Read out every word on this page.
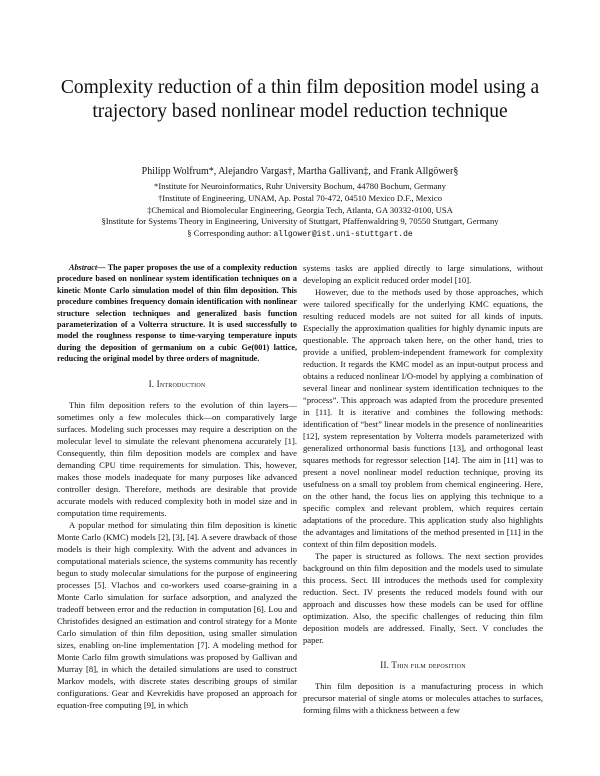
Complexity reduction of a thin film deposition model using a trajectory based nonlinear model reduction technique
Philipp Wolfrum*, Alejandro Vargas†, Martha Gallivan‡, and Frank Allgöwer§
*Institute for Neuroinformatics, Ruhr University Bochum, 44780 Bochum, Germany
†Institute of Engineering, UNAM, Ap. Postal 70-472, 04510 Mexico D.F., Mexico
‡Chemical and Biomolecular Engineering, Georgia Tech, Atlanta, GA 30332-0100, USA
§Institute for Systems Theory in Engineering, University of Stuttgart, Pfaffenwaldring 9, 70550 Stuttgart, Germany
§ Corresponding author: allgower@ist.uni-stuttgart.de

Abstract— The paper proposes the use of a complexity reduction procedure based on nonlinear system identification techniques on a kinetic Monte Carlo simulation model of thin film deposition. This procedure combines frequency domain identification with nonlinear structure selection techniques and generalized basis function parameterization of a Volterra structure. It is used successfully to model the roughness response to time-varying temperature inputs during the deposition of germanium on a cubic Ge(001) lattice, reducing the original model by three orders of magnitude.

I. Introduction

Thin film deposition refers to the evolution of thin layers—sometimes only a few molecules thick—on comparatively large surfaces. Modeling such processes may require a description on the molecular level to simulate the relevant phenomena accurately [1]. Consequently, thin film deposition models are complex and have demanding CPU time requirements for simulation. This, however, makes those models inadequate for many purposes like advanced controller design. Therefore, methods are desirable that provide accurate models with reduced complexity both in model size and in computation time requirements.

A popular method for simulating thin film deposition is kinetic Monte Carlo (KMC) models [2], [3], [4]. A severe drawback of those models is their high complexity. With the advent and advances in computational materials science, the systems community has recently begun to study molecular simulations for the purpose of engineering processes [5]. Vlachos and co-workers used coarse-graining in a Monte Carlo simulation for surface adsorption, and analyzed the tradeoff between error and the reduction in computation [6]. Lou and Christofides designed an estimation and control strategy for a Monte Carlo simulation of thin film deposition, using smaller simulation sizes, enabling on-line implementation [7]. A modeling method for Monte Carlo film growth simulations was proposed by Gallivan and Murray [8], in which the detailed simulations are used to construct Markov models, with discrete states describing groups of similar configurations. Gear and Kevrekidis have proposed an approach for equation-free computing [9], in which

systems tasks are applied directly to large simulations, without developing an explicit reduced order model [10].

However, due to the methods used by those approaches, which were tailored specifically for the underlying KMC equations, the resulting reduced models are not suited for all kinds of inputs. Especially the approximation qualities for highly dynamic inputs are questionable. The approach taken here, on the other hand, tries to provide a unified, problem-independent framework for complexity reduction. It regards the KMC model as an input-output process and obtains a reduced nonlinear I/O-model by applying a combination of several linear and nonlinear system identification techniques to the “process”. This approach was adapted from the procedure presented in [11]. It is iterative and combines the following methods: identification of “best” linear models in the presence of nonlinearities [12], system representation by Volterra models parameterized with generalized orthonormal basis functions [13], and orthogonal least squares methods for regressor selection [14]. The aim in [11] was to present a novel nonlinear model reduction technique, proving its usefulness on a small toy problem from chemical engineering. Here, on the other hand, the focus lies on applying this technique to a specific complex and relevant problem, which requires certain adaptations of the procedure. This application study also highlights the advantages and limitations of the method presented in [11] in the context of thin film deposition models.

The paper is structured as follows. The next section provides background on thin film deposition and the models used to simulate this process. Sect. III introduces the methods used for complexity reduction. Sect. IV presents the reduced models found with our approach and discusses how these models can be used for offline optimization. Also, the specific challenges of reducing thin film deposition models are addressed. Finally, Sect. V concludes the paper.

II. Thin film deposition

Thin film deposition is a manufacturing process in which precursor material of single atoms or molecules attaches to surfaces, forming films with a thickness between a few
